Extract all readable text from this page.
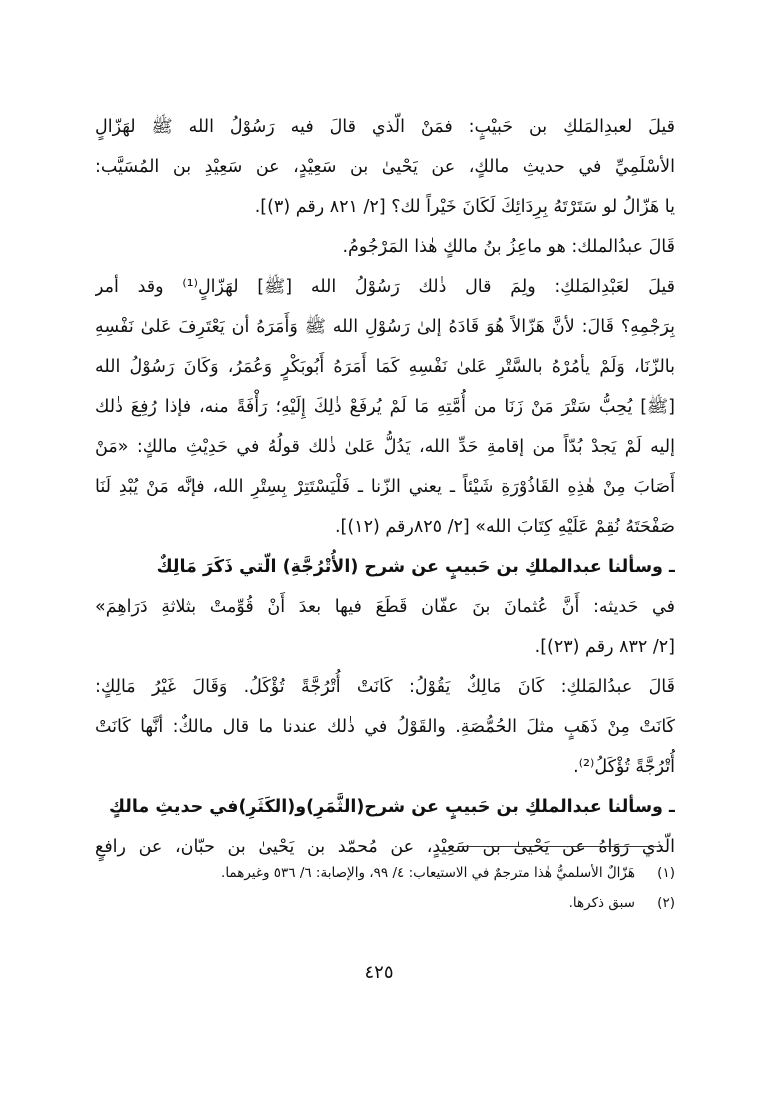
قيلَ لعبدِالمَلكِ بن حَبيْبٍ: فمَنْ الّذي قالَ فيه رَسُوْلُ الله ﷺ لهَزّالٍ
الأسْلَمِيِّ في حديثِ مالكٍ، عن يَحْيىٰ بن سَعِيْدٍ، عن سَعِيْدِ بن المُسَيَّب:
يا هَزّالُ لو سَتَرْتَهُ بِرِدَائِكَ لَكَانَ خَيْراً لك؟ [٢/ ٨٢١ رقم (٣)].
قَالَ عبدُالملك: هو ماعِزُ بنُ مالكٍ هٰذا المَرْجُومُ.
قيلَ لعَبْدِالمَلكِ: ولِمَ قال ذٰلك رَسُوْلُ الله [ﷺ] لهَزّالٍ⁽¹⁾ وقد أمر
بِرَجْمِهِ؟ قَالَ: لأنَّ هَزّالاً هُوَ قَادَهُ إلىٰ رَسُوْلِ الله ﷺ وَأَمَرَهُ أن يَعْتَرِفَ عَلىٰ نَفْسِهِ
بالزّنَا، وَلَمْ يأمُرْهُ بالسَّتْرِ عَلىٰ نَفْسِهِ كَمَا أَمَرَهُ أَبُوبَكْرٍ وَعُمَرُ، وَكَانَ رَسُوْلُ الله
[ﷺ] يُحِبُّ سَتْرَ مَنْ زَنَا من أُمَّتِهِ مَا لَمْ يُرفَعْ ذٰلِكَ إِلَيْهِ؛ رَأْفَةً منه، فإذا رُفِعَ ذٰلك
إليه لَمْ يَجدْ بُدّاً من إقامةِ حَدِّ الله، يَدُلُّ عَلىٰ ذٰلك قولُهُ في حَدِيْثِ مالكٍ: «مَنْ
أَصَابَ مِنْ هٰذِهِ القَاذُوْرَةِ شَيْئاً ـ يعني الزّنا ـ فَلْيَسْتَتِرْ بِسِتْرِ الله، فإنَّه مَنْ يُبْدِ لَنَا
صَفْحَتَهُ نُقِمْ عَلَيْهِ كِتَابَ الله» [٢/ ٨٢٥رقم (١٢)].
ـ وسألنا عبدالملكِ بن حَبيبٍ عن شرح (الأُتْرُجَّةِ) الّتي ذَكَرَ مَالِكٌ
في حَديثه: أَنَّ عُثمانَ بنَ عفّان قَطَعَ فيها بعدَ أَنْ قُوِّمتْ بثلاثةِ دَرَاهِمَ»
[٢/ ٨٣٢ رقم (٢٣)].
قَالَ عبدُالمَلكِ: كَانَ مَالِكٌ يَقُوْلُ: كَانَتْ أُتْرُجَّةً تُؤْكَلُ. وَقَالَ غَيْرُ مَالِكٍ:
كَانَتْ مِنْ ذَهَبٍ مثلَ الحُمُّصَةِ. والقَوْلُ في ذٰلك عندنا ما قال مالكٌ: أنَّها كَانَتْ
أُتْرُجَّةً تُؤْكَلُ⁽²⁾.
ـ وسألنا عبدالملكِ بن حَبيبٍ عن شرح(الثَّمَرِ)و(الكَثَرِ)في حديثِ مالكٍ
الّذي رَوَاهُ عن يَحْيىٰ بن سَعِيْدٍ، عن مُحمّد بن يَحْيىٰ بن حبّان، عن رافعٍ
(١)هَزّالٌ الأسلميُّ هٰذا مترجمٌ في الاستيعاب: ٤/ ٩٩، والإصابة: ٦/ ٥٣٦ وغيرهما.
(٢)سبق ذكرها.
٤٢٥
